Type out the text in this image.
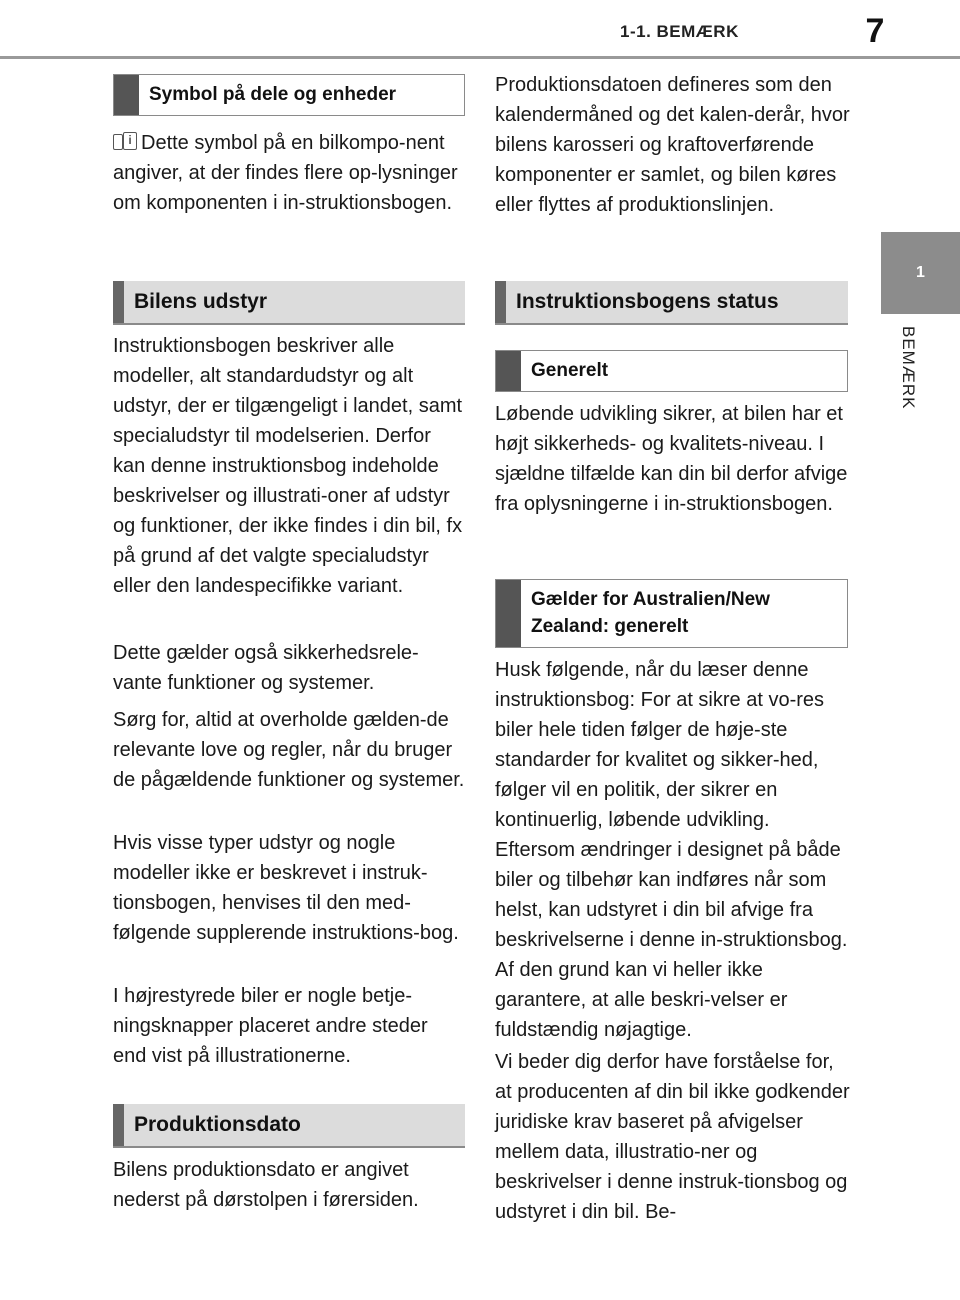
1-1. BEMÆRK	7
1
BEMÆRK
Symbol på dele og enheder

i Dette symbol på en bilkompo-nent angiver, at der findes flere op-lysninger om komponenten i in-struktionsbogen.

Bilens udstyr

Instruktionsbogen beskriver alle modeller, alt standardudstyr og alt udstyr, der er tilgængeligt i landet, samt specialudstyr til modelserien. Derfor kan denne instruktionsbog indeholde beskrivelser og illustrati-oner af udstyr og funktioner, der ikke findes i din bil, fx på grund af det valgte specialudstyr eller den landespecifikke variant.

Dette gælder også sikkerhedsrele-vante funktioner og systemer.

Sørg for, altid at overholde gælden-de relevante love og regler, når du bruger de pågældende funktioner og systemer.

Hvis visse typer udstyr og nogle modeller ikke er beskrevet i instruk-tionsbogen, henvises til den med-følgende supplerende instruktions-bog.

I højrestyrede biler er nogle betje-ningsknapper placeret andre steder end vist på illustrationerne.

Produktionsdato

Bilens produktionsdato er angivet nederst på dørstolpen i førersiden.

Produktionsdatoen defineres som den kalendermåned og det kalen-derår, hvor bilens karosseri og kraftoverførende komponenter er samlet, og bilen køres eller flyttes af produktionslinjen.

Instruktionsbogens status
Generelt

Løbende udvikling sikrer, at bilen har et højt sikkerheds- og kvalitets-niveau. I sjældne tilfælde kan din bil derfor afvige fra oplysningerne i in-struktionsbogen.

Gælder for Australien/New Zealand: generelt

Husk følgende, når du læser denne instruktionsbog: For at sikre at vo-res biler hele tiden følger de høje-ste standarder for kvalitet og sikker-hed, følger vil en politik, der sikrer en kontinuerlig, løbende udvikling. Eftersom ændringer i designet på både biler og tilbehør kan indføres når som helst, kan udstyret i din bil afvige fra beskrivelserne i denne in-struktionsbog. Af den grund kan vi heller ikke garantere, at alle beskri-velser er fuldstændig nøjagtige.

Vi beder dig derfor have forståelse for, at producenten af din bil ikke godkender juridiske krav baseret på afvigelser mellem data, illustratio-ner og beskrivelser i denne instruk-tionsbog og udstyret i din bil. Be-
